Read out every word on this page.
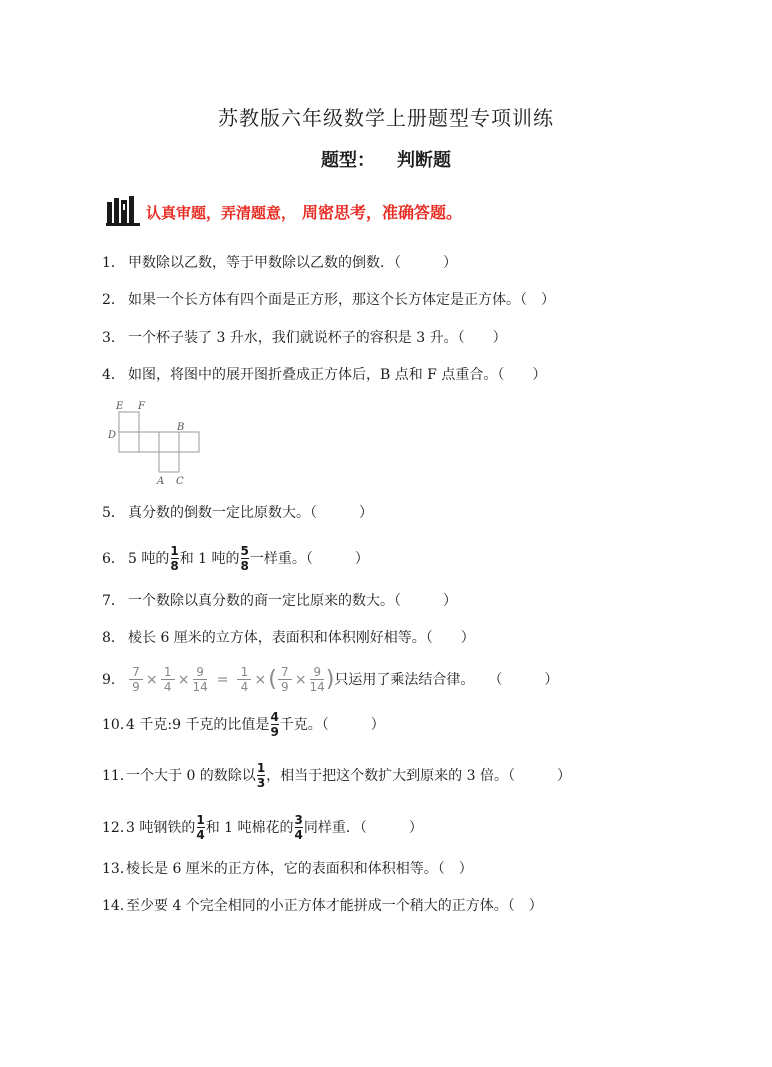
苏教版六年级数学上册题型专项训练
题型： 判断题
认真审题，弄清题意， 周密思考，准确答题。
1． 甲数除以乙数，等于甲数除以乙数的倒数．（　　　）
2． 如果一个长方体有四个面是正方形，那这个长方体定是正方体。（　）
3． 一个杯子装了 3 升水，我们就说杯子的容积是 3 升。（　　）
4． 如图，将图中的展开图折叠成正方体后，B 点和 F 点重合。（　　）
E F
D
B
A C
5． 真分数的倒数一定比原数大。（　　　）
6． 5 吨的 $\frac{1}{8}$ 和 1 吨的 $\frac{5}{8}$ 一样重。（　　　）
7． 一个数除以真分数的商一定比原来的数大。（　　　）
8． 棱长 6 厘米的立方体，表面积和体积刚好相等。（　　）
9． 7
9 × 1
4 × 9
14 = 1
4 × ( 7
9 × 9
14 ) 只运用了乘法结合律。　　（　　　）
10．
4 千克:9 千克的比值是 $\frac{4}{9}$ 千克。（　　　）
11．
一个大于 0 的数除以 $\frac{1}{3}$ ，相当于把这个数扩大到原来的 3 倍。（　　　）
12．
3 吨钢铁的 $\frac{1}{4}$ 和 1 吨棉花的 $\frac{3}{4}$ 同样重．（　　　）
13．
棱长是 6 厘米的正方体，它的表面积和体积相等。（　）
14．
至少要 4 个完全相同的小正方体才能拼成一个稍大的正方体。（　）
